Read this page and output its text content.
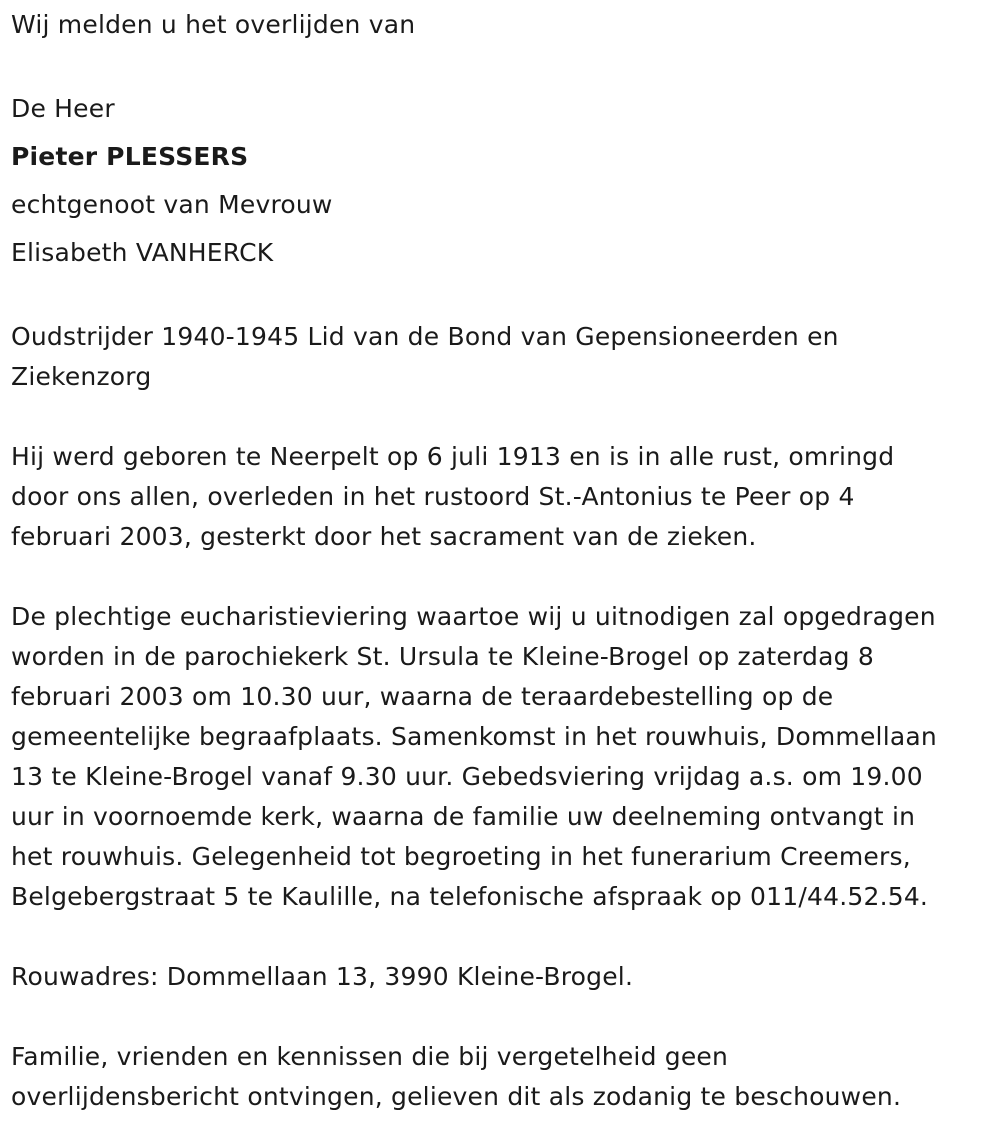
Wij melden u het overlijden van
De Heer
Pieter PLESSERS
echtgenoot van Mevrouw
Elisabeth VANHERCK
Oudstrijder 1940-1945 Lid van de Bond van Gepensioneerden en
Ziekenzorg
Hij werd geboren te Neerpelt op 6 juli 1913 en is in alle rust, omringd
door ons allen, overleden in het rustoord St.-Antonius te Peer op 4
februari 2003, gesterkt door het sacrament van de zieken.
De plechtige eucharistieviering waartoe wij u uitnodigen zal opgedragen
worden in de parochiekerk St. Ursula te Kleine-Brogel op zaterdag 8
februari 2003 om 10.30 uur, waarna de teraardebestelling op de
gemeentelijke begraafplaats. Samenkomst in het rouwhuis, Dommellaan
13 te Kleine-Brogel vanaf 9.30 uur. Gebedsviering vrijdag a.s. om 19.00
uur in voornoemde kerk, waarna de familie uw deelneming ontvangt in
het rouwhuis. Gelegenheid tot begroeting in het funerarium Creemers,
Belgebergstraat 5 te Kaulille, na telefonische afspraak op 011/44.52.54.
Rouwadres: Dommellaan 13, 3990 Kleine-Brogel.
Familie, vrienden en kennissen die bij vergetelheid geen
overlijdensbericht ontvingen, gelieven dit als zodanig te beschouwen.
